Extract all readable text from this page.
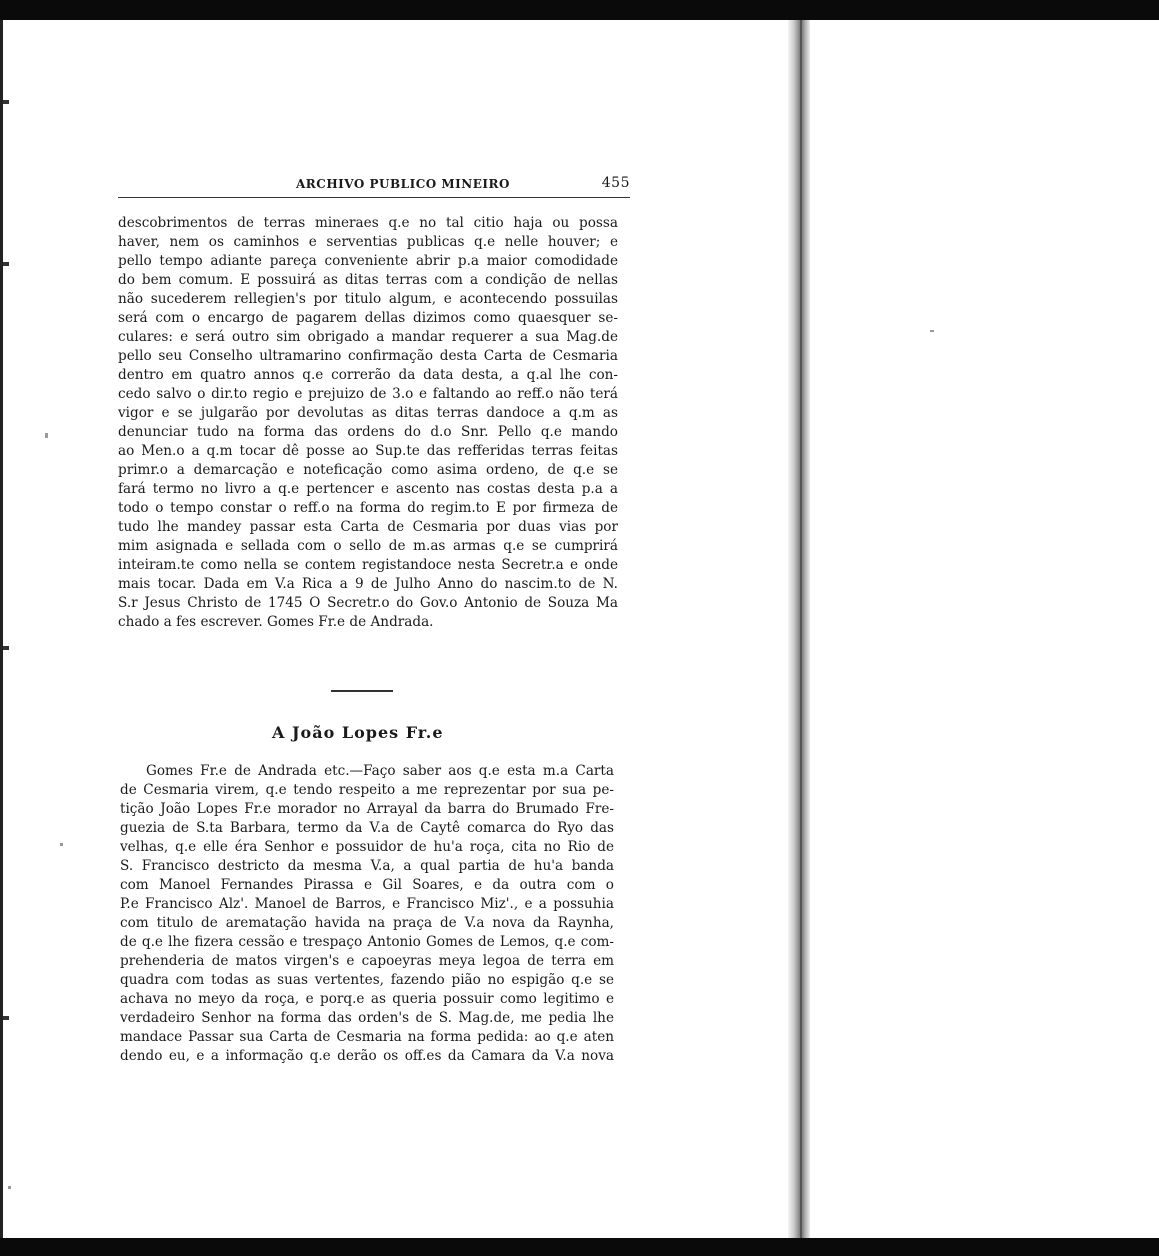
ARCHIVO PUBLICO MINEIRO	455
descobrimentos de terras mineraes q.e no tal citio haja ou possa
haver, nem os caminhos e serventias publicas q.e nelle houver; e
pello tempo adiante pareça conveniente abrir p.a maior comodidade
do bem comum. E possuirá as ditas terras com a condição de nellas
não sucederem rellegien's por titulo algum, e acontecendo possuilas
será com o encargo de pagarem dellas dizimos como quaesquer se-
culares: e será outro sim obrigado a mandar requerer a sua Mag.de
pello seu Conselho ultramarino confirmação desta Carta de Cesmaria
dentro em quatro annos q.e correrão da data desta, a q.al lhe con-
cedo salvo o dir.to regio e prejuizo de 3.o e faltando ao reff.o não terá
vigor e se julgarão por devolutas as ditas terras dandoce a q.m as
denunciar tudo na forma das ordens do d.o Snr. Pello q.e mando
ao Men.o a q.m tocar dê posse ao Sup.te das refferidas terras feitas
primr.o a demarcação e noteficação como asima ordeno, de q.e se
fará termo no livro a q.e pertencer e ascento nas costas desta p.a a
todo o tempo constar o reff.o na forma do regim.to E por firmeza de
tudo lhe mandey passar esta Carta de Cesmaria por duas vias por
mim asignada e sellada com o sello de m.as armas q.e se cumprirá
inteiram.te como nella se contem registandoce nesta Secretr.a e onde
mais tocar. Dada em V.a Rica a 9 de Julho Anno do nascim.to de N.
S.r Jesus Christo de 1745 O Secretr.o do Gov.o Antonio de Souza Ma
chado a fes escrever. Gomes Fr.e de Andrada.
A João Lopes Fr.e
Gomes Fr.e de Andrada etc.—Faço saber aos q.e esta m.a Carta
de Cesmaria virem, q.e tendo respeito a me reprezentar por sua pe-
tição João Lopes Fr.e morador no Arrayal da barra do Brumado Fre-
guezia de S.ta Barbara, termo da V.a de Caytê comarca do Ryo das
velhas, q.e elle éra Senhor e possuidor de hu'a roça, cita no Rio de
S. Francisco destricto da mesma V.a, a qual partia de hu'a banda
com Manoel Fernandes Pirassa e Gil Soares, e da outra com o
P.e Francisco Alz'. Manoel de Barros, e Francisco Miz'., e a possuhia
com titulo de arematação havida na praça de V.a nova da Raynha,
de q.e lhe fizera cessão e trespaço Antonio Gomes de Lemos, q.e com-
prehenderia de matos virgen's e capoeyras meya legoa de terra em
quadra com todas as suas vertentes, fazendo pião no espigão q.e se
achava no meyo da roça, e porq.e as queria possuir como legitimo e
verdadeiro Senhor na forma das orden's de S. Mag.de, me pedia lhe
mandace Passar sua Carta de Cesmaria na forma pedida: ao q.e aten
dendo eu, e a informação q.e derão os off.es da Camara da V.a nova
